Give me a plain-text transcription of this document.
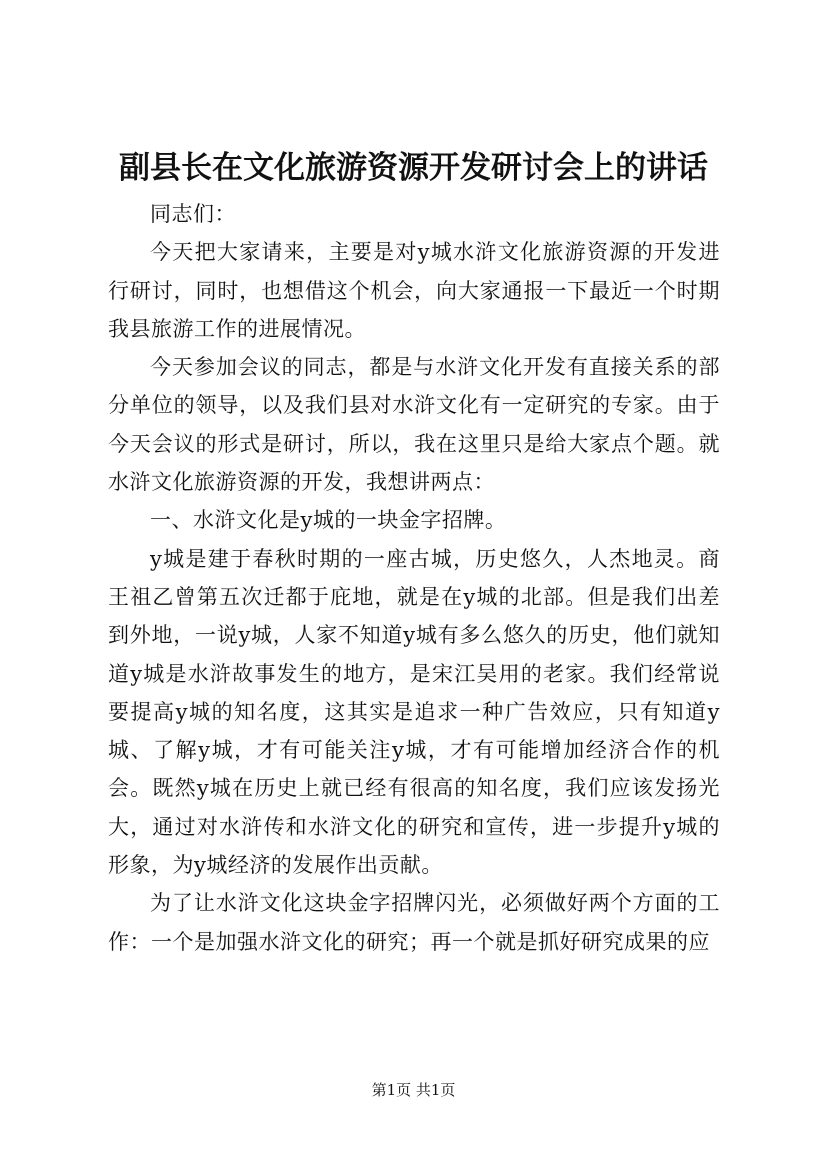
副县长在文化旅游资源开发研讨会上的讲话

同志们：

今天把大家请来，主要是对y城水浒文化旅游资源的开发进行研讨，同时，也想借这个机会，向大家通报一下最近一个时期我县旅游工作的进展情况。

今天参加会议的同志，都是与水浒文化开发有直接关系的部分单位的领导，以及我们县对水浒文化有一定研究的专家。由于今天会议的形式是研讨，所以，我在这里只是给大家点个题。就水浒文化旅游资源的开发，我想讲两点：

一、水浒文化是y城的一块金字招牌。

y城是建于春秋时期的一座古城，历史悠久，人杰地灵。商王祖乙曾第五次迁都于庇地，就是在y城的北部。但是我们出差到外地，一说y城，人家不知道y城有多么悠久的历史，他们就知道y城是水浒故事发生的地方，是宋江吴用的老家。我们经常说要提高y城的知名度，这其实是追求一种广告效应，只有知道y城、了解y城，才有可能关注y城，才有可能增加经济合作的机会。既然y城在历史上就已经有很高的知名度，我们应该发扬光大，通过对水浒传和水浒文化的研究和宣传，进一步提升y城的形象，为y城经济的发展作出贡献。

为了让水浒文化这块金字招牌闪光，必须做好两个方面的工作：一个是加强水浒文化的研究；再一个就是抓好研究成果的应

第1页 共1页
